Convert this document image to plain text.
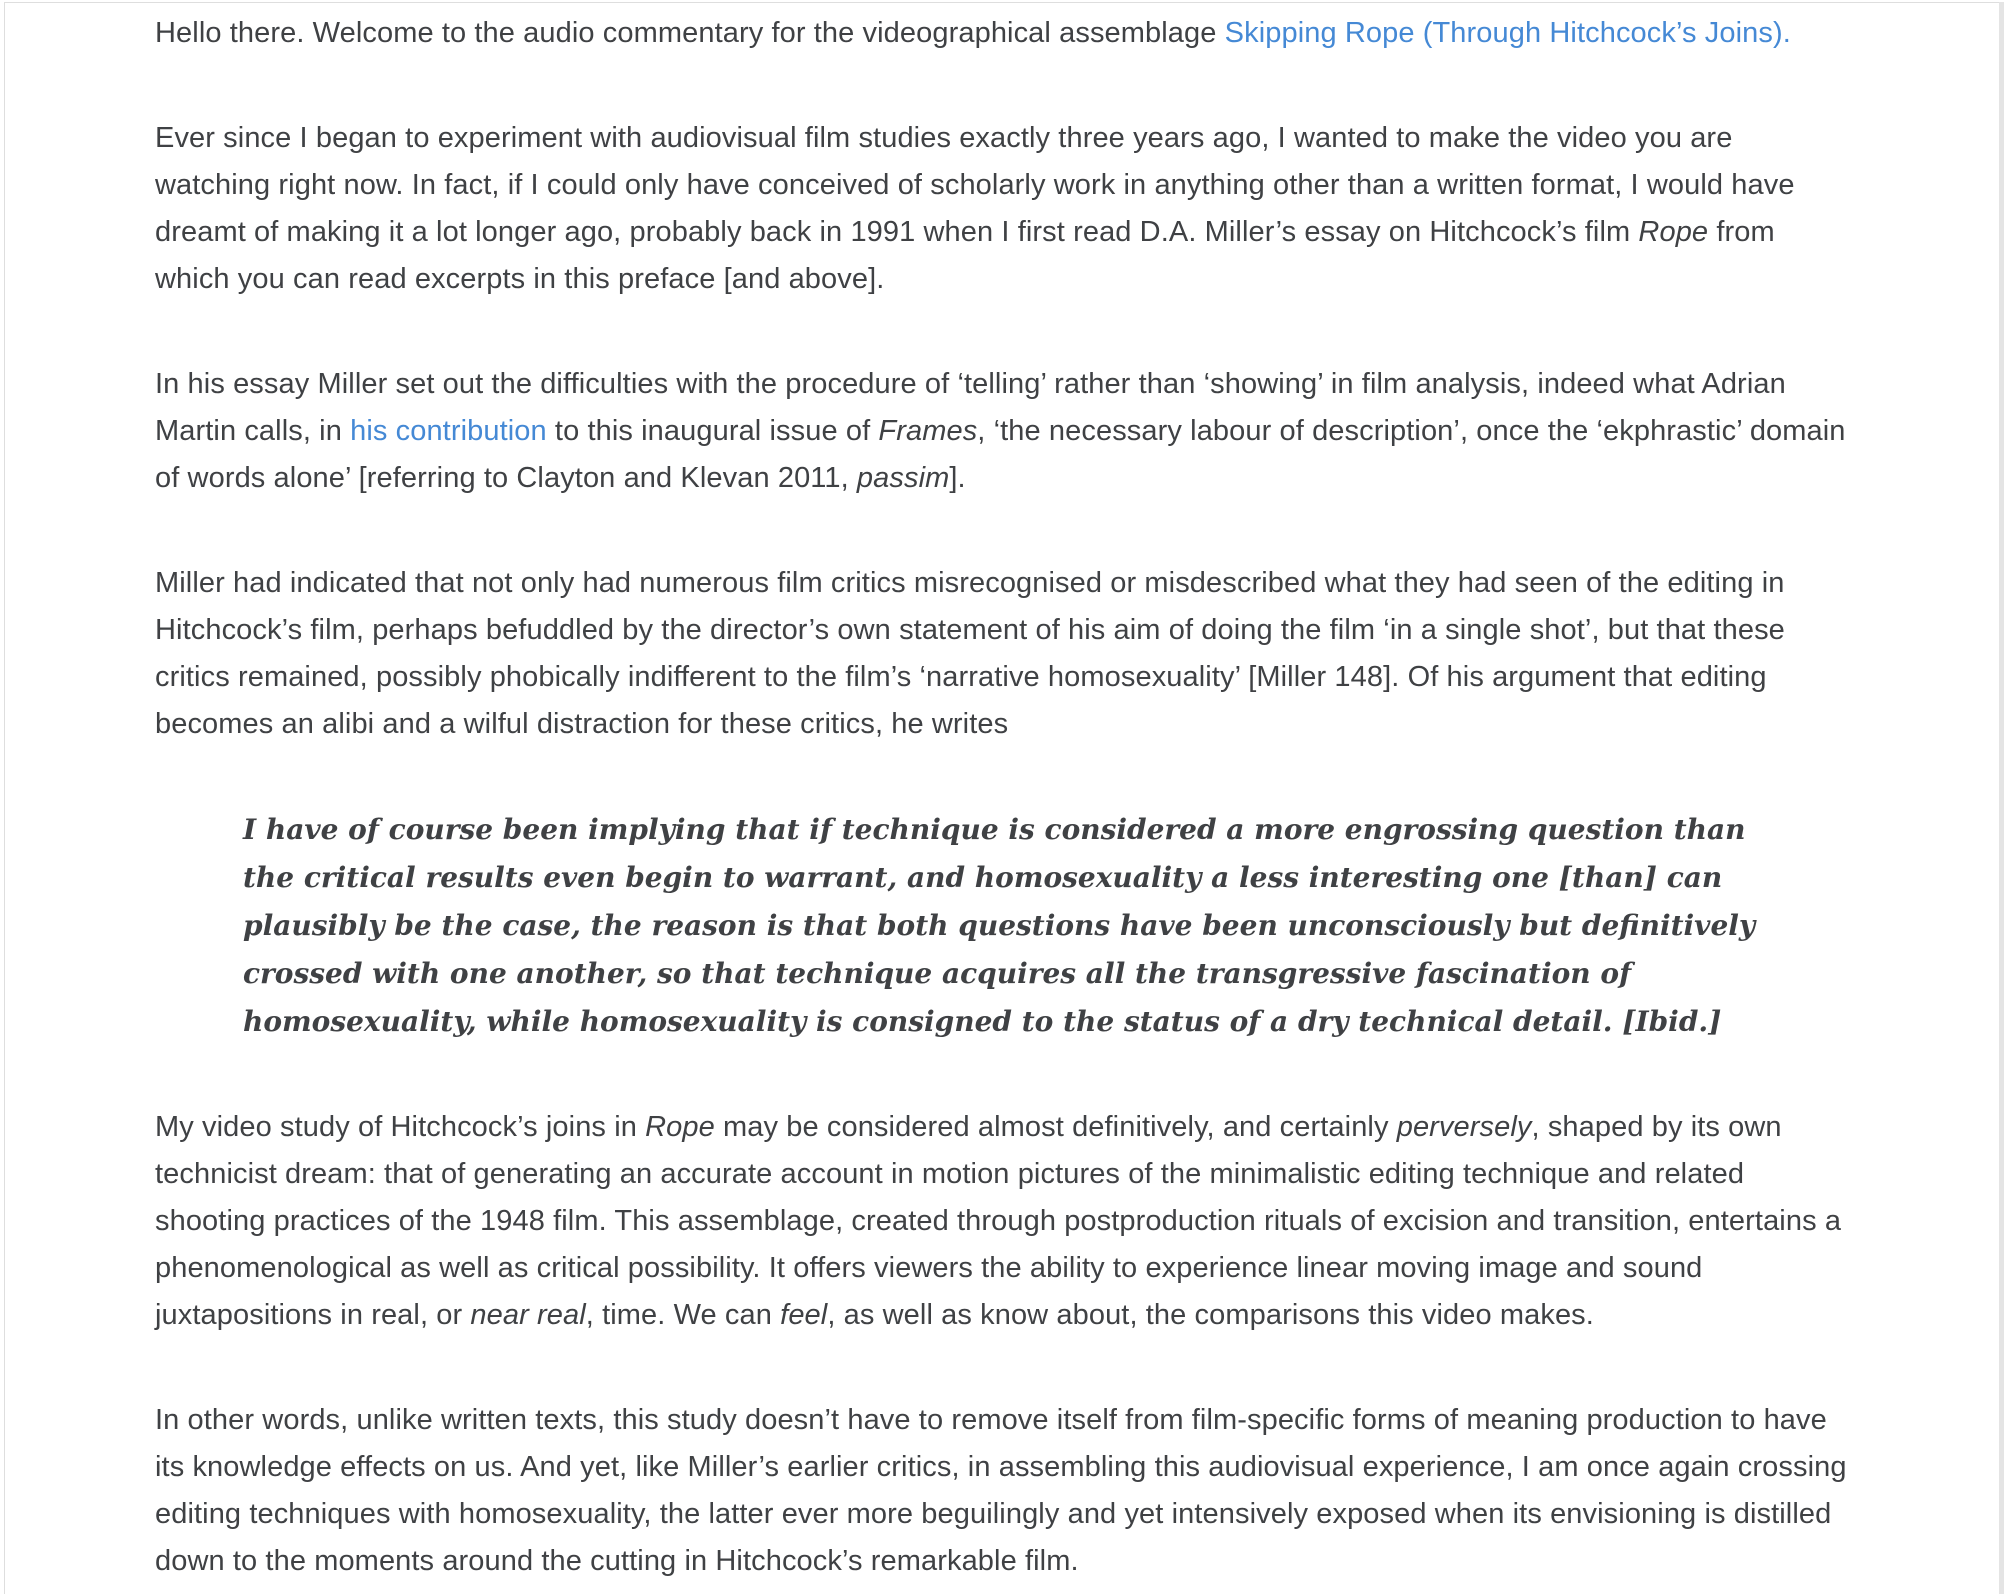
Hello there. Welcome to the audio commentary for the videographical assemblage Skipping Rope (Through Hitchcock’s Joins).

Ever since I began to experiment with audiovisual film studies exactly three years ago, I wanted to make the video you are watching right now. In fact, if I could only have conceived of scholarly work in anything other than a written format, I would have dreamt of making it a lot longer ago, probably back in 1991 when I first read D.A. Miller’s essay on Hitchcock’s film Rope from which you can read excerpts in this preface [and above].

In his essay Miller set out the difficulties with the procedure of ‘telling’ rather than ‘showing’ in film analysis, indeed what Adrian Martin calls, in his contribution to this inaugural issue of Frames, ‘the necessary labour of description’, once the ‘ekphrastic’ domain of words alone’ [referring to Clayton and Klevan 2011, passim].

Miller had indicated that not only had numerous film critics misrecognised or misdescribed what they had seen of the editing in Hitchcock’s film, perhaps befuddled by the director’s own statement of his aim of doing the film ‘in a single shot’, but that these critics remained, possibly phobically indifferent to the film’s ‘narrative homosexuality’ [Miller 148]. Of his argument that editing becomes an alibi and a wilful distraction for these critics, he writes

I have of course been implying that if technique is considered a more engrossing question than the critical results even begin to warrant, and homosexuality a less interesting one [than] can plausibly be the case, the reason is that both questions have been unconsciously but definitively crossed with one another, so that technique acquires all the transgressive fascination of homosexuality, while homosexuality is consigned to the status of a dry technical detail. [Ibid.]

My video study of Hitchcock’s joins in Rope may be considered almost definitively, and certainly perversely, shaped by its own technicist dream: that of generating an accurate account in motion pictures of the minimalistic editing technique and related shooting practices of the 1948 film. This assemblage, created through postproduction rituals of excision and transition, entertains a phenomenological as well as critical possibility. It offers viewers the ability to experience linear moving image and sound juxtapositions in real, or near real, time. We can feel, as well as know about, the comparisons this video makes.

In other words, unlike written texts, this study doesn’t have to remove itself from film-specific forms of meaning production to have its knowledge effects on us. And yet, like Miller’s earlier critics, in assembling this audiovisual experience, I am once again crossing editing techniques with homosexuality, the latter ever more beguilingly and yet intensively exposed when its envisioning is distilled down to the moments around the cutting in Hitchcock’s remarkable film.
